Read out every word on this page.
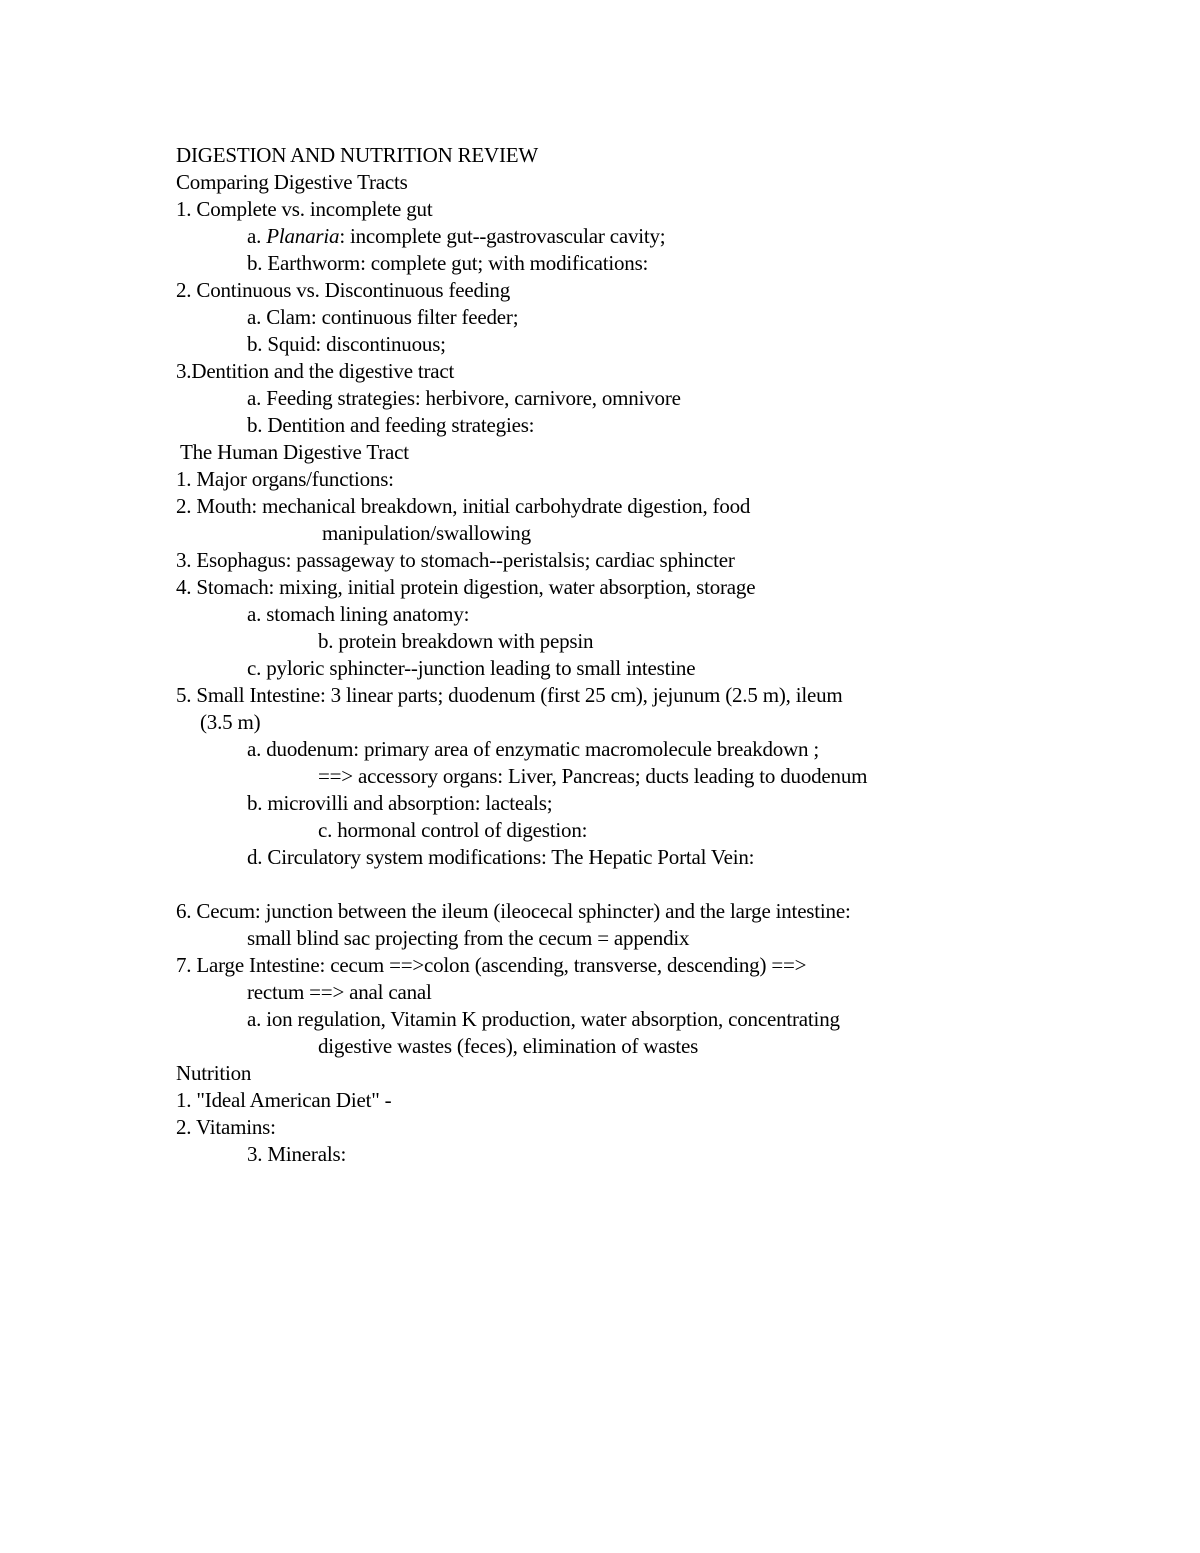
DIGESTION AND NUTRITION REVIEW
Comparing Digestive Tracts
1. Complete vs. incomplete gut
a. Planaria: incomplete gut--gastrovascular cavity;
b. Earthworm: complete gut; with modifications:
2. Continuous vs. Discontinuous feeding
a. Clam: continuous filter feeder;
b. Squid: discontinuous;
3.Dentition and the digestive tract
a. Feeding strategies: herbivore, carnivore, omnivore
b. Dentition and feeding strategies:
The Human Digestive Tract
1. Major organs/functions:
2. Mouth: mechanical breakdown, initial carbohydrate digestion, food
manipulation/swallowing
3. Esophagus: passageway to stomach--peristalsis; cardiac sphincter
4. Stomach: mixing, initial protein digestion, water absorption, storage
a. stomach lining anatomy:
b. protein breakdown with pepsin
c. pyloric sphincter--junction leading to small intestine
5. Small Intestine: 3 linear parts; duodenum (first 25 cm), jejunum (2.5 m), ileum
(3.5 m)
a. duodenum: primary area of enzymatic macromolecule breakdown ;
==> accessory organs: Liver, Pancreas; ducts leading to duodenum
b. microvilli and absorption: lacteals;
c. hormonal control of digestion:
d. Circulatory system modifications: The Hepatic Portal Vein:
6. Cecum: junction between the ileum (ileocecal sphincter) and the large intestine:
small blind sac projecting from the cecum = appendix
7. Large Intestine: cecum ==>colon (ascending, transverse, descending) ==>
rectum ==> anal canal
a. ion regulation, Vitamin K production, water absorption, concentrating
digestive wastes (feces), elimination of wastes
Nutrition
1. "Ideal American Diet" -
2. Vitamins:
3. Minerals:
